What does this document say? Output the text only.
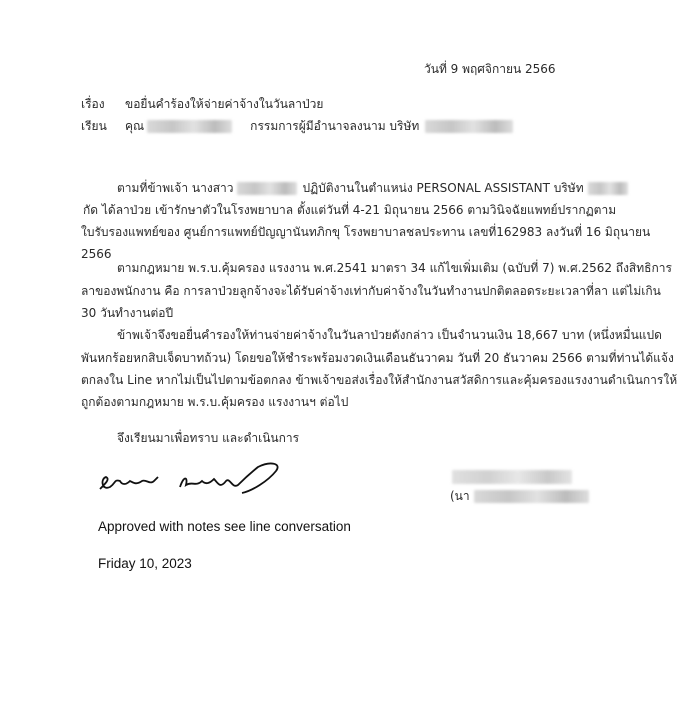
วันที่ 9 พฤศจิกายน 2566
เรื่อง ขอยื่นคำร้องให้จ่ายค่าจ้างในวันลาป่วย
เรียน คุณ	กรรมการผู้มีอำนาจลงนาม บริษัท
ตามที่ข้าพเจ้า นางสาว	ปฏิบัติงานในตำแหน่ง PERSONAL ASSISTANT บริษัท
กัด ได้ลาป่วย เข้ารักษาตัวในโรงพยาบาล ตั้งแต่วันที่ 4-21 มิถุนายน 2566 ตามวินิจฉัยแพทย์ปรากฏตาม
ใบรับรองแพทย์ของ ศูนย์การแพทย์ปัญญานันทภิกขุ โรงพยาบาลชลประทาน เลขที่162983 ลงวันที่ 16 มิถุนายน
2566
ตามกฎหมาย พ.ร.บ.คุ้มครอง แรงงาน พ.ศ.2541 มาตรา 34 แก้ไขเพิ่มเติม (ฉบับที่ 7) พ.ศ.2562 ถึงสิทธิการ
ลาของพนักงาน คือ การลาป่วยลูกจ้างจะได้รับค่าจ้างเท่ากับค่าจ้างในวันทำงานปกติตลอดระยะเวลาที่ลา แต่ไม่เกิน
30 วันทำงานต่อปี
ข้าพเจ้าจึงขอยื่นคำรองให้ท่านจ่ายค่าจ้างในวันลาป่วยดังกล่าว เป็นจำนวนเงิน 18,667 บาท (หนึ่งหมื่นแปด
พันหกร้อยหกสิบเจ็ดบาทถ้วน) โดยขอให้ชำระพร้อมงวดเงินเดือนธันวาคม วันที่ 20 ธันวาคม 2566 ตามที่ท่านได้แจ้ง
ตกลงใน Line หากไม่เป็นไปตามข้อตกลง ข้าพเจ้าขอส่งเรื่องให้สำนักงานสวัสดิการและคุ้มครองแรงงานดำเนินการให้
ถูกต้องตามกฎหมาย พ.ร.บ.คุ้มครอง แรงงานฯ ต่อไป
จึงเรียนมาเพื่อทราบ และดำเนินการ
(นา
Approved with notes see line conversation
Friday 10, 2023
